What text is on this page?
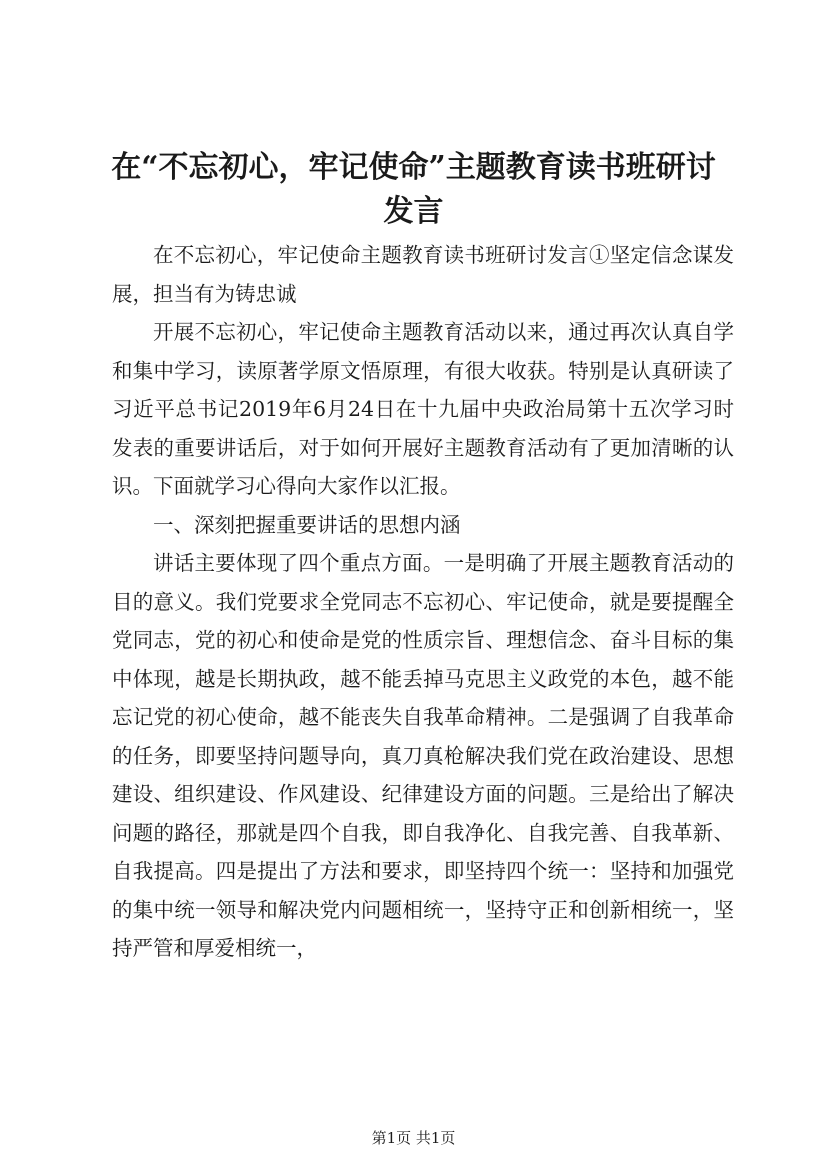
在“不忘初心，牢记使命”主题教育读书班研讨发言

在不忘初心，牢记使命主题教育读书班研讨发言①坚定信念谋发展，担当有为铸忠诚

开展不忘初心，牢记使命主题教育活动以来，通过再次认真自学和集中学习，读原著学原文悟原理，有很大收获。特别是认真研读了习近平总书记2019年6月24日在十九届中央政治局第十五次学习时发表的重要讲话后，对于如何开展好主题教育活动有了更加清晰的认识。下面就学习心得向大家作以汇报。

一、深刻把握重要讲话的思想内涵

讲话主要体现了四个重点方面。一是明确了开展主题教育活动的目的意义。我们党要求全党同志不忘初心、牢记使命，就是要提醒全党同志，党的初心和使命是党的性质宗旨、理想信念、奋斗目标的集中体现，越是长期执政，越不能丢掉马克思主义政党的本色，越不能忘记党的初心使命，越不能丧失自我革命精神。二是强调了自我革命的任务，即要坚持问题导向，真刀真枪解决我们党在政治建设、思想建设、组织建设、作风建设、纪律建设方面的问题。三是给出了解决问题的路径，那就是四个自我，即自我净化、自我完善、自我革新、自我提高。四是提出了方法和要求，即坚持四个统一：坚持和加强党的集中统一领导和解决党内问题相统一，坚持守正和创新相统一，坚持严管和厚爱相统一，

第1页 共1页
